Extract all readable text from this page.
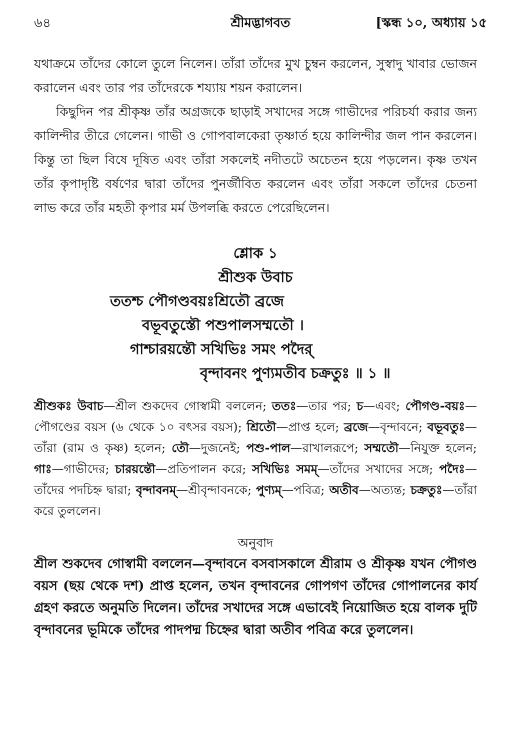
৬৪	শ্রীমদ্ভাগবত	[স্কন্ধ ১০, অধ্যায় ১৫

যথাক্রমে তাঁদের কোলে তুলে নিলেন। তাঁরা তাঁদের মুখ চুম্বন করলেন, সুস্বাদু খাবার ভোজন করালেন এবং তার পর তাঁদেরকে শয্যায় শয়ন করালেন।

কিছুদিন পর শ্রীকৃষ্ণ তাঁর অগ্রজকে ছাড়াই সখাদের সঙ্গে গাভীদের পরিচর্যা করার জন্য কালিন্দীর তীরে গেলেন। গাভী ও গোপবালকেরা তৃষ্ণার্ত হয়ে কালিন্দীর জল পান করলেন। কিন্তু তা ছিল বিষে দূষিত এবং তাঁরা সকলেই নদীতটে অচেতন হয়ে পড়লেন। কৃষ্ণ তখন তাঁর কৃপাদৃষ্টি বর্ষণের দ্বারা তাঁদের পুনর্জীবিত করলেন এবং তাঁরা সকলে তাঁদের চেতনা লাভ করে তাঁর মহতী কৃপার মর্ম উপলব্ধি করতে পেরেছিলেন।

শ্লোক ১

শ্রীশুক উবাচ

ততশ্চ পৌগণ্ডবয়ঃশ্রিতৌ ব্রজে

বভূবতুস্তৌ পশুপালসম্মতৌ ।

গাশ্চারয়ন্তৌ সখিভিঃ সমং পদৈর্

বৃন্দাবনং পুণ্যমতীব চক্রতুঃ ॥ ১ ॥

শ্রীশুকঃ উবাচ—শ্রীল শুকদেব গোস্বামী বললেন; ততঃ—তার পর; চ—এবং; পৌগণ্ড-বয়ঃ—পৌগণ্ডের বয়স (৬ থেকে ১০ বৎসর বয়স); শ্রিতৌ—প্রাপ্ত হলে; ব্রজে—বৃন্দাবনে; বভূবতুঃ—তাঁরা (রাম ও কৃষ্ণ) হলেন; তৌ—দুজনেই; পশু-পাল—রাখালরূপে; সম্মতৌ—নিযুক্ত হলেন; গাঃ—গাভীদের; চারয়ন্তৌ—প্রতিপালন করে; সখিভিঃ সমম্—তাঁদের সখাদের সঙ্গে; পদৈঃ—তাঁদের পদচিহ্ন দ্বারা; বৃন্দাবনম্—শ্রীবৃন্দাবনকে; পুণ্যম্—পবিত্র; অতীব—অত্যন্ত; চক্রতুঃ—তাঁরা করে তুললেন।

অনুবাদ

শ্রীল শুকদেব গোস্বামী বললেন—বৃন্দাবনে বসবাসকালে শ্রীরাম ও শ্রীকৃষ্ণ যখন পৌগণ্ড বয়স (ছয় থেকে দশ) প্রাপ্ত হলেন, তখন বৃন্দাবনের গোপগণ তাঁদের গোপালনের কার্য গ্রহণ করতে অনুমতি দিলেন। তাঁদের সখাদের সঙ্গে এভাবেই নিয়োজিত হয়ে বালক দুটি বৃন্দাবনের ভূমিকে তাঁদের পাদপদ্ম চিহ্নের দ্বারা অতীব পবিত্র করে তুললেন।
